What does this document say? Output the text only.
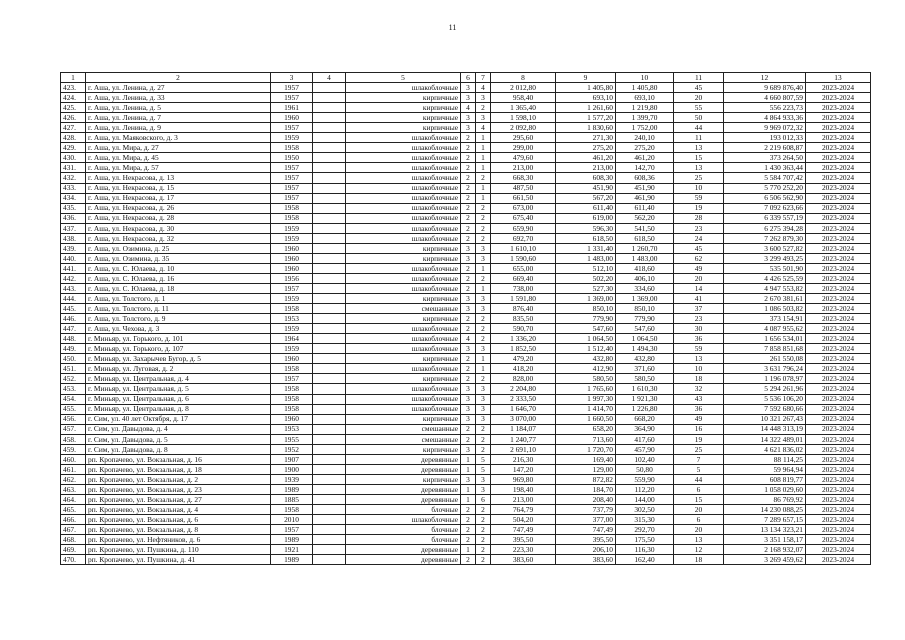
11
1	2	3	4	5	6	7	8	9	10	11	12	13
423.	г. Аша, ул. Ленина, д. 27	1957		шлакоблочные	3	4	2 012,80	1 405,80	1 405,80	45	9 689 876,40	2023-2024
424.	г. Аша, ул. Ленина, д. 33	1957		кирпичные	3	3	958,40	693,10	693,10	20	4 660 807,59	2023-2024
425.	г. Аша, ул. Ленина, д. 5	1961		кирпичные	4	2	1 365,40	1 261,60	1 219,80	55	556 223,73	2023-2024
426.	г. Аша, ул. Ленина, д. 7	1960		кирпичные	3	3	1 598,10	1 577,20	1 399,70	50	4 864 933,36	2023-2024
427.	г. Аша, ул. Ленина, д. 9	1957		кирпичные	3	4	2 092,80	1 830,60	1 752,00	44	9 969 072,32	2023-2024
428.	г. Аша, ул. Маяковского, д. 3	1959		шлакоблочные	2	1	295,60	271,30	240,10	11	193 012,33	2023-2024
429.	г. Аша, ул. Мира, д. 27	1958		шлакоблочные	2	1	299,00	275,20	275,20	13	2 219 608,87	2023-2024
430.	г. Аша, ул. Мира, д. 45	1950		шлакоблочные	2	1	479,60	461,20	461,20	15	373 264,50	2023-2024
431.	г. Аша, ул. Мира, д. 57	1957		шлакоблочные	2	1	213,00	213,00	142,70	13	1 430 363,44	2023-2024
432.	г. Аша, ул. Некрасова, д. 13	1957		шлакоблочные	2	2	668,30	608,30	608,36	25	5 584 707,42	2023-2024
433.	г. Аша, ул. Некрасова, д. 15	1957		шлакоблочные	2	1	487,50	451,90	451,90	10	5 770 252,20	2023-2024
434.	г. Аша, ул. Некрасова, д. 17	1957		шлакоблочные	2	1	661,50	567,20	461,90	59	6 506 562,90	2023-2024
435.	г. Аша, ул. Некрасова, д. 26	1958		шлакоблочные	2	2	673,00	611,40	611,40	19	7 092 623,66	2023-2024
436.	г. Аша, ул. Некрасова, д. 28	1958		шлакоблочные	2	2	675,40	619,00	562,20	28	6 339 557,19	2023-2024
437.	г. Аша, ул. Некрасова, д. 30	1959		шлакоблочные	2	2	659,90	596,30	541,50	23	6 275 394,28	2023-2024
438.	г. Аша, ул. Некрасова, д. 32	1959		шлакоблочные	2	2	692,70	618,50	618,50	24	7 262 879,30	2023-2024
439.	г. Аша, ул. Озимина, д. 25	1960		кирпичные	3	3	1 610,10	1 331,40	1 260,70	45	3 600 527,82	2023-2024
440.	г. Аша, ул. Озимина, д. 35	1960		кирпичные	3	3	1 590,60	1 483,00	1 483,00	62	3 299 493,25	2023-2024
441.	г. Аша, ул. С. Юлаева, д. 10	1960		шлакоблочные	2	1	655,00	512,10	418,60	49	535 501,90	2023-2024
442.	г. Аша, ул. С. Юлаева, д. 16	1956		шлакоблочные	2	2	669,40	502,20	406,10	20	4 426 525,59	2023-2024
443.	г. Аша, ул. С. Юлаева, д. 18	1957		шлакоблочные	2	1	738,00	527,30	334,60	14	4 947 553,82	2023-2024
444.	г. Аша, ул. Толстого, д. 1	1959		кирпичные	3	3	1 591,80	1 369,00	1 369,00	41	2 670 381,61	2023-2024
445.	г. Аша, ул. Толстого, д. 11	1958		смешанные	3	3	876,40	850,10	850,10	37	1 086 503,82	2023-2024
446.	г. Аша, ул. Толстого, д. 9	1953		кирпичные	2	2	835,50	779,90	779,90	23	373 154,91	2023-2024
447.	г. Аша, ул. Чехова, д. 3	1959		шлакоблочные	2	2	590,70	547,60	547,60	30	4 087 955,62	2023-2024
448.	г. Миньяр, ул. Горького, д. 101	1964		шлакоблочные	4	2	1 336,20	1 064,50	1 064,50	36	1 656 534,01	2023-2024
449.	г. Миньяр, ул. Горького, д. 107	1959		шлакоблочные	3	3	1 852,50	1 512,40	1 494,30	59	7 858 851,68	2023-2024
450.	г. Миньяр, ул. Захарычев Бугор, д. 5	1960		кирпичные	2	1	479,20	432,80	432,80	13	261 550,08	2023-2024
451.	г. Миньяр, ул. Луговая, д. 2	1958		шлакоблочные	2	1	418,20	412,90	371,60	10	3 631 796,24	2023-2024
452.	г. Миньяр, ул. Центральная, д. 4	1957		кирпичные	2	2	828,00	580,50	580,50	18	1 196 078,97	2023-2024
453.	г. Миньяр, ул. Центральная, д. 5	1958		шлакоблочные	3	3	2 204,80	1 765,60	1 610,30	32	5 294 261,96	2023-2024
454.	г. Миньяр, ул. Центральная, д. 6	1958		шлакоблочные	3	3	2 333,50	1 997,30	1 921,30	43	5 536 106,20	2023-2024
455.	г. Миньяр, ул. Центральная, д. 8	1958		шлакоблочные	3	3	1 646,70	1 414,70	1 226,80	36	7 592 680,66	2023-2024
456.	г. Сим, ул. 40 лет Октября, д. 17	1960		кирпичные	3	3	3 070,00	1 660,50	668,20	49	10 321 267,43	2023-2024
457.	г. Сим, ул. Давыдова, д. 4	1953		смешанные	2	2	1 184,07	658,20	364,90	16	14 448 313,19	2023-2024
458.	г. Сим, ул. Давыдова, д. 5	1955		смешанные	2	2	1 240,77	713,60	417,60	19	14 322 489,01	2023-2024
459.	г. Сим, ул. Давыдова, д. 8	1952		кирпичные	3	2	2 691,10	1 720,70	457,90	25	4 621 836,02	2023-2024
460.	рп. Кропачево, ул. Вокзальная, д. 16	1907		деревянные	1	5	216,30	169,40	102,40	7	88 114,25	2023-2024
461.	рп. Кропачево, ул. Вокзальная, д. 18	1900		деревянные	1	5	147,20	129,00	50,80	5	59 964,94	2023-2024
462.	рп. Кропачево, ул. Вокзальная, д. 2	1939		кирпичные	3	3	969,80	872,82	559,90	44	608 819,77	2023-2024
463.	рп. Кропачево, ул. Вокзальная, д. 23	1989		деревянные	1	3	198,40	184,70	112,20	6	1 058 029,60	2023-2024
464.	рп. Кропачево, ул. Вокзальная, д. 27	1885		деревянные	1	6	213,00	208,40	144,00	15	86 769,92	2023-2024
465.	рп. Кропачево, ул. Вокзальная, д. 4	1958		блочные	2	2	764,79	737,79	302,50	20	14 230 088,25	2023-2024
466.	рп. Кропачево, ул. Вокзальная, д. 6	2010		шлакоблочные	2	2	504,20	377,00	315,30	6	7 289 657,15	2023-2024
467.	рп. Кропачево, ул. Вокзальная, д. 8	1957		блочные	2	2	747,49	747,49	292,70	20	13 134 323,21	2023-2024
468.	рп. Кропачево, ул. Нефтяников, д. 6	1989		блочные	2	2	395,50	395,50	175,50	13	3 351 158,17	2023-2024
469.	рп. Кропачево, ул. Пушкина, д. 110	1921		деревянные	1	2	223,30	206,10	116,30	12	2 168 932,07	2023-2024
470.	рп. Кропачево, ул. Пушкина, д. 41	1989		деревянные	2	2	383,60	383,60	162,40	18	3 269 459,62	2023-2024
